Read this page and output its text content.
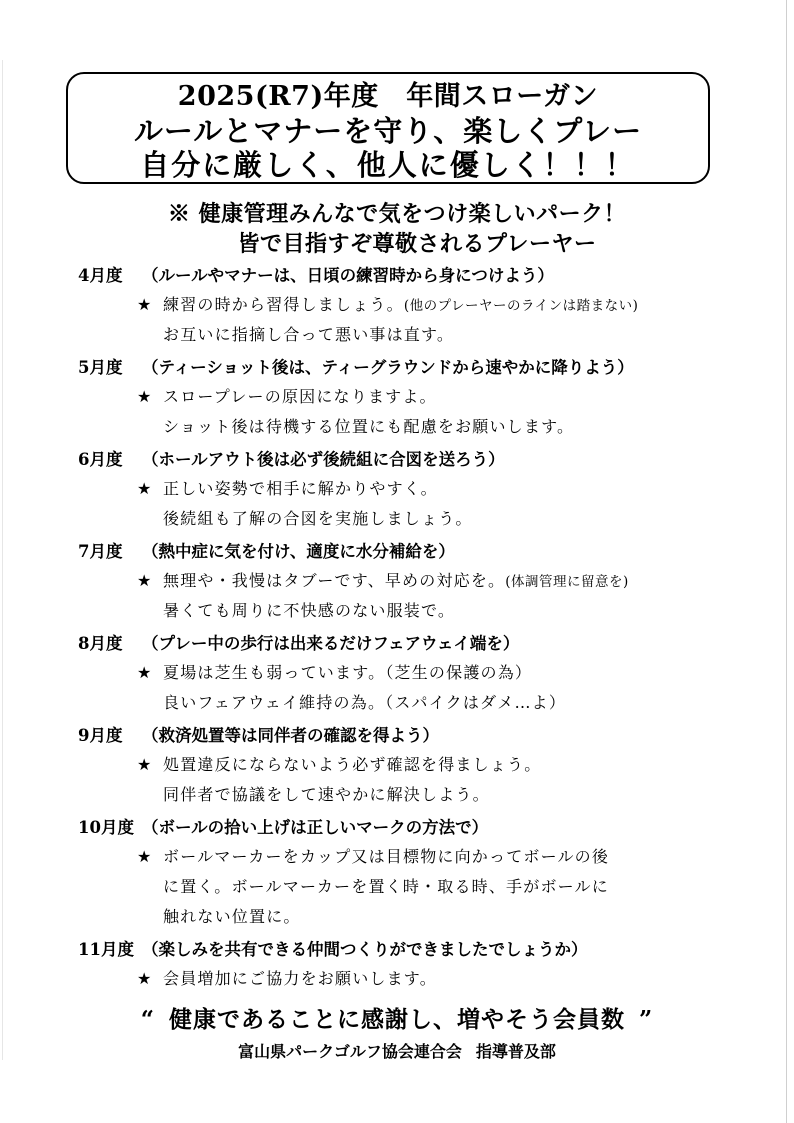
2025(R7)年度　年間スローガン
ルールとマナーを守り、楽しくプレー
自分に厳しく、他人に優しく！！！
※ 健康管理みんなで気をつけ楽しいパーク！
皆で目指すぞ尊敬されるプレーヤー
4月度 （ルールやマナーは、日頃の練習時から身につけよう）
★ 練習の時から習得しましょう。(他のプレーヤーのラインは踏まない)
お互いに指摘し合って悪い事は直す。
5月度 （ティーショット後は、ティーグラウンドから速やかに降りよう）
★ スロープレーの原因になりますよ。
ショット後は待機する位置にも配慮をお願いします。
6月度 （ホールアウト後は必ず後続組に合図を送ろう）
★ 正しい姿勢で相手に解かりやすく。
後続組も了解の合図を実施しましょう。
7月度 （熱中症に気を付け、適度に水分補給を）
★ 無理や・我慢はタブーです、早めの対応を。(体調管理に留意を)
暑くても周りに不快感のない服装で。
8月度 （プレー中の歩行は出来るだけフェアウェイ端を）
★ 夏場は芝生も弱っています。（芝生の保護の為）
良いフェアウェイ維持の為。（スパイクはダメ…よ）
9月度 （救済処置等は同伴者の確認を得よう）
★ 処置違反にならないよう必ず確認を得ましょう。
同伴者で協議をして速やかに解決しよう。
10月度 （ボールの拾い上げは正しいマークの方法で）
★ ボールマーカーをカップ又は目標物に向かってボールの後
に置く。ボールマーカーを置く時・取る時、手がボールに
触れない位置に。
11月度 （楽しみを共有できる仲間つくりができましたでしょうか）
★ 会員増加にご協力をお願いします。
“ 健康であることに感謝し、増やそう会員数 ”
富山県パークゴルフ協会連合会 指導普及部
